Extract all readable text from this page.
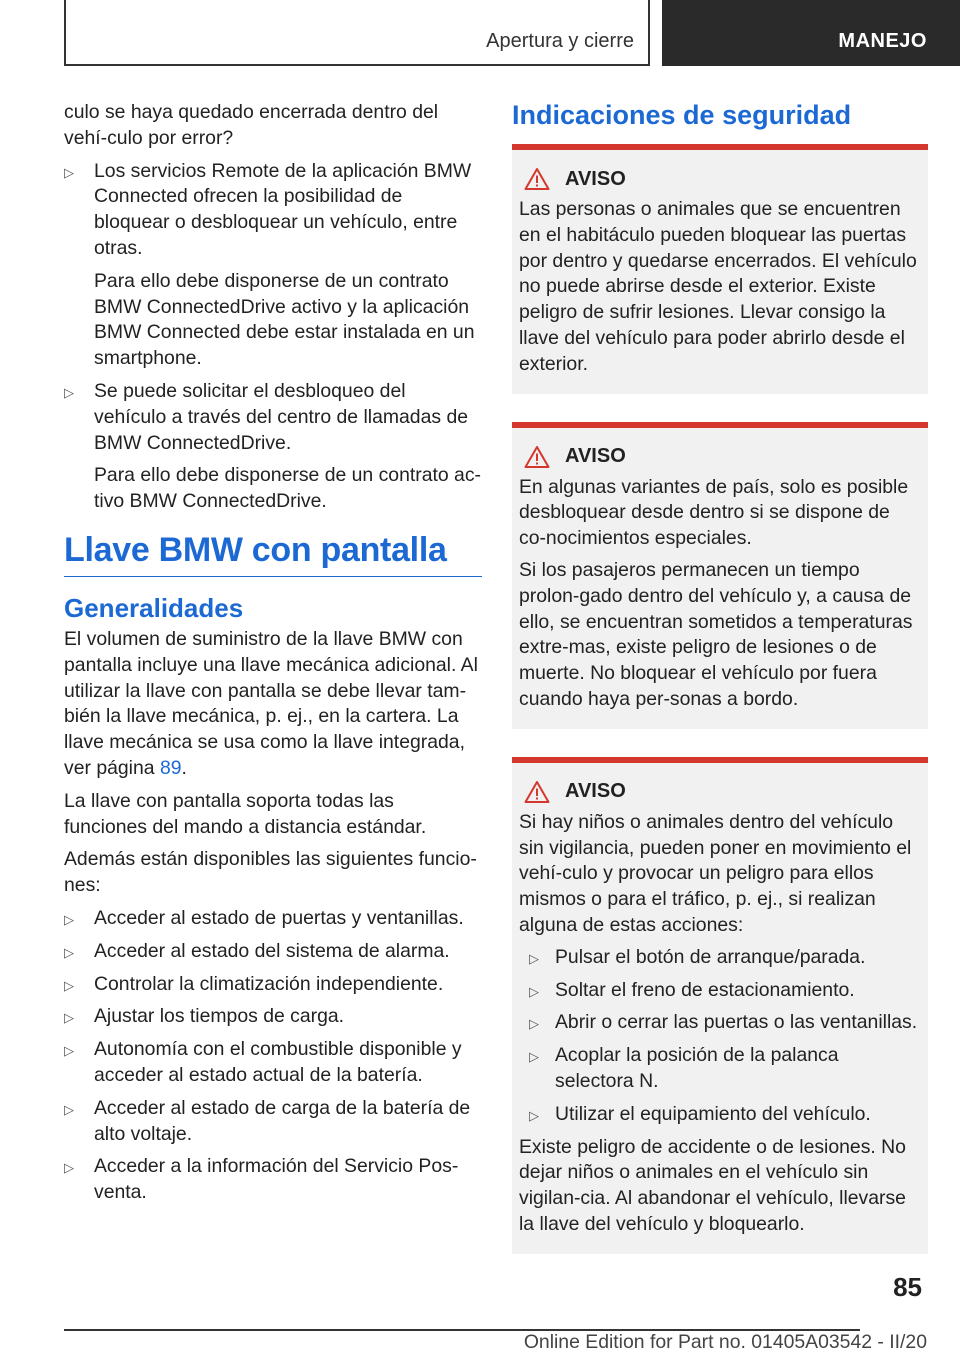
Apertura y cierre	MANEJO

culo se haya quedado encerrada dentro del vehí-culo por error?

▷ Los servicios Remote de la aplicación BMW Connected ofrecen la posibilidad de bloquear o desbloquear un vehículo, entre otras.
Para ello debe disponerse de un contrato BMW ConnectedDrive activo y la aplicación BMW Connected debe estar instalada en un smartphone.
▷ Se puede solicitar el desbloqueo del vehículo a través del centro de llamadas de BMW ConnectedDrive.
Para ello debe disponerse de un contrato ac-tivo BMW ConnectedDrive.
Llave BMW con pantalla
Generalidades

El volumen de suministro de la llave BMW con pantalla incluye una llave mecánica adicional. Al utilizar la llave con pantalla se debe llevar tam-bién la llave mecánica, p. ej., en la cartera. La llave mecánica se usa como la llave integrada, ver página 89.

La llave con pantalla soporta todas las funciones del mando a distancia estándar.

Además están disponibles las siguientes funcio-nes:

▷ Acceder al estado de puertas y ventanillas.
▷ Acceder al estado del sistema de alarma.
▷ Controlar la climatización independiente.
▷ Ajustar los tiempos de carga.
▷ Autonomía con el combustible disponible y acceder al estado actual de la batería.
▷ Acceder al estado de carga de la batería de alto voltaje.
▷ Acceder a la información del Servicio Pos-venta.
Indicaciones de seguridad
AVISO

Las personas o animales que se encuentren en el habitáculo pueden bloquear las puertas por dentro y quedarse encerrados. El vehículo no puede abrirse desde el exterior. Existe peligro de sufrir lesiones. Llevar consigo la llave del vehículo para poder abrirlo desde el exterior.

AVISO

En algunas variantes de país, solo es posible desbloquear desde dentro si se dispone de co-nocimientos especiales.

Si los pasajeros permanecen un tiempo prolon-gado dentro del vehículo y, a causa de ello, se encuentran sometidos a temperaturas extre-mas, existe peligro de lesiones o de muerte. No bloquear el vehículo por fuera cuando haya per-sonas a bordo.

AVISO

Si hay niños o animales dentro del vehículo sin vigilancia, pueden poner en movimiento el vehí-culo y provocar un peligro para ellos mismos o para el tráfico, p. ej., si realizan alguna de estas acciones:

▷ Pulsar el botón de arranque/parada.
▷ Soltar el freno de estacionamiento.
▷ Abrir o cerrar las puertas o las ventanillas.
▷ Acoplar la posición de la palanca selectora N.
▷ Utilizar el equipamiento del vehículo.

Existe peligro de accidente o de lesiones. No dejar niños o animales en el vehículo sin vigilan-cia. Al abandonar el vehículo, llevarse la llave del vehículo y bloquearlo.

85
Online Edition for Part no. 01405A03542 - II/20
